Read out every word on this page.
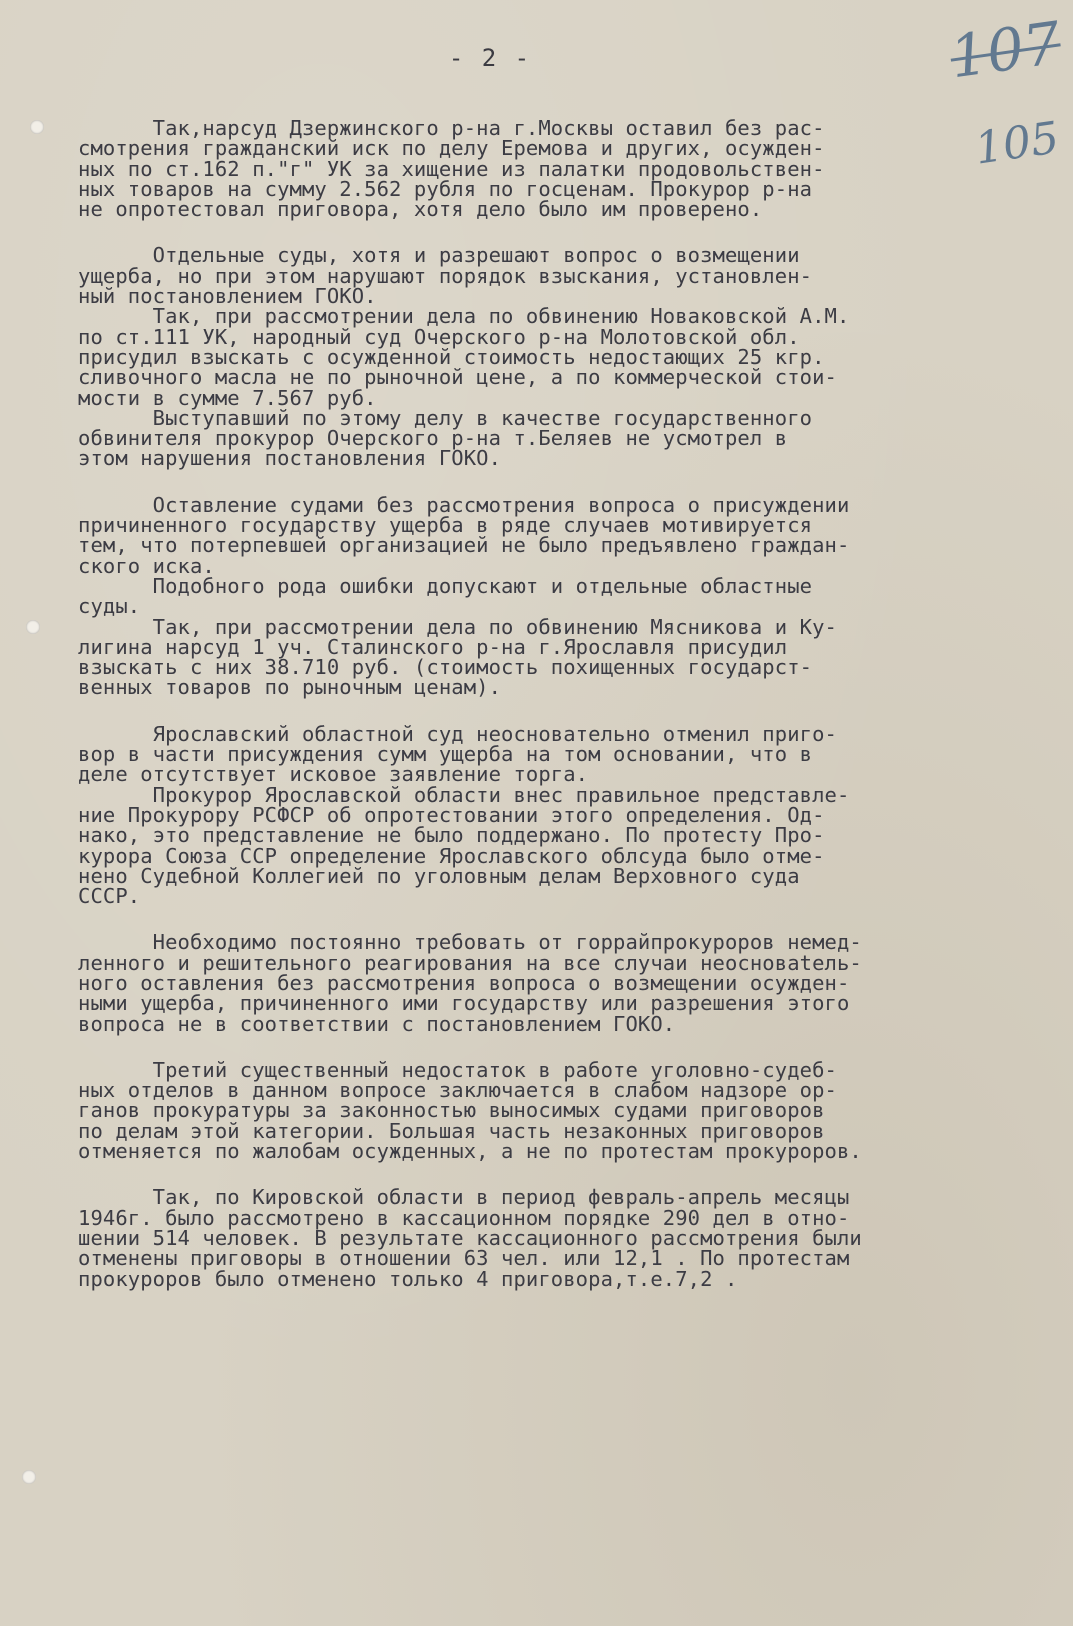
107
105
- 2 -
Так,нарсуд Дзержинского р-на г.Москвы оставил без рас-
смотрения гражданский иск по делу Еремова и других, осужден-
ных по ст.162 п."г" УК за хищение из палатки продовольствен-
ных товаров на сумму 2.562 рубля по госценам. Прокурор р-на
не опротестовал приговора, хотя дело было им проверено.
Отдельные суды, хотя и разрешают вопрос о возмещении
ущерба, но при этом нарушают порядок взыскания, установлен-
ный постановлением ГОКО.
Так, при рассмотрении дела по обвинению Новаковской А.М.
по ст.111 УК, народный суд Очерского р-на Молотовской обл.
присудил взыскать с осужденной стоимость недостающих 25 кгр.
сливочного масла не по рыночной цене, а по коммерческой стои-
мости в сумме 7.567 руб.
Выступавший по этому делу в качестве государственного
обвинителя прокурор Очерского р-на т.Беляев не усмотрел в
этом нарушения постановления ГОКО.
Оставление судами без рассмотрения вопроса о присуждении
причиненного государству ущерба в ряде случаев мотивируется
тем, что потерпевшей организацией не было предъявлено граждан-
ского иска.
Подобного рода ошибки допускают и отдельные областные
суды.
Так, при рассмотрении дела по обвинению Мясникова и Ку-
лигина нарсуд 1 уч. Сталинского р-на г.Ярославля присудил
взыскать с них 38.710 руб. (стоимость похищенных государст-
венных товаров по рыночным ценам).
Ярославский областной суд неосновательно отменил приго-
вор в части присуждения сумм ущерба на том основании, что в
деле отсутствует исковое заявление торга.
Прокурор Ярославской области внес правильное представле-
ние Прокурору РСФСР об опротестовании этого определения. Од-
нако, это представление не было поддержано. По протесту Про-
курора Союза ССР определение Ярославского облсуда было отме-
нено Судебной Коллегией по уголовным делам Верховного суда
СССР.
Необходимо постоянно требовать от горрайпрокуроров немед-
ленного и решительного реагирования на все случаи неосновatель-
ного оставления без рассмотрения вопроса о возмещении осужден-
ными ущерба, причиненного ими государству или разрешения этого
вопроса не в соответствии с постановлением ГОКО.
Третий существенный недостаток в работе уголовно-судеб-
ных отделов в данном вопросе заключается в слабом надзоре ор-
ганов прокуратуры за законностью выносимых судами приговоров
по делам этой категории. Большая часть незаконных приговоров
отменяется по жалобам осужденных, а не по протестам прокуроров.
Так, по Кировской области в период февраль-апрель месяцы
1946г. было рассмотрено в кассационном порядке 290 дел в отно-
шении 514 человек. В результате кассационного рассмотрения были
отменены приговоры в отношении 63 чел. или 12,1 . По протестам
прокуроров было отменено только 4 приговора,т.е.7,2 .
